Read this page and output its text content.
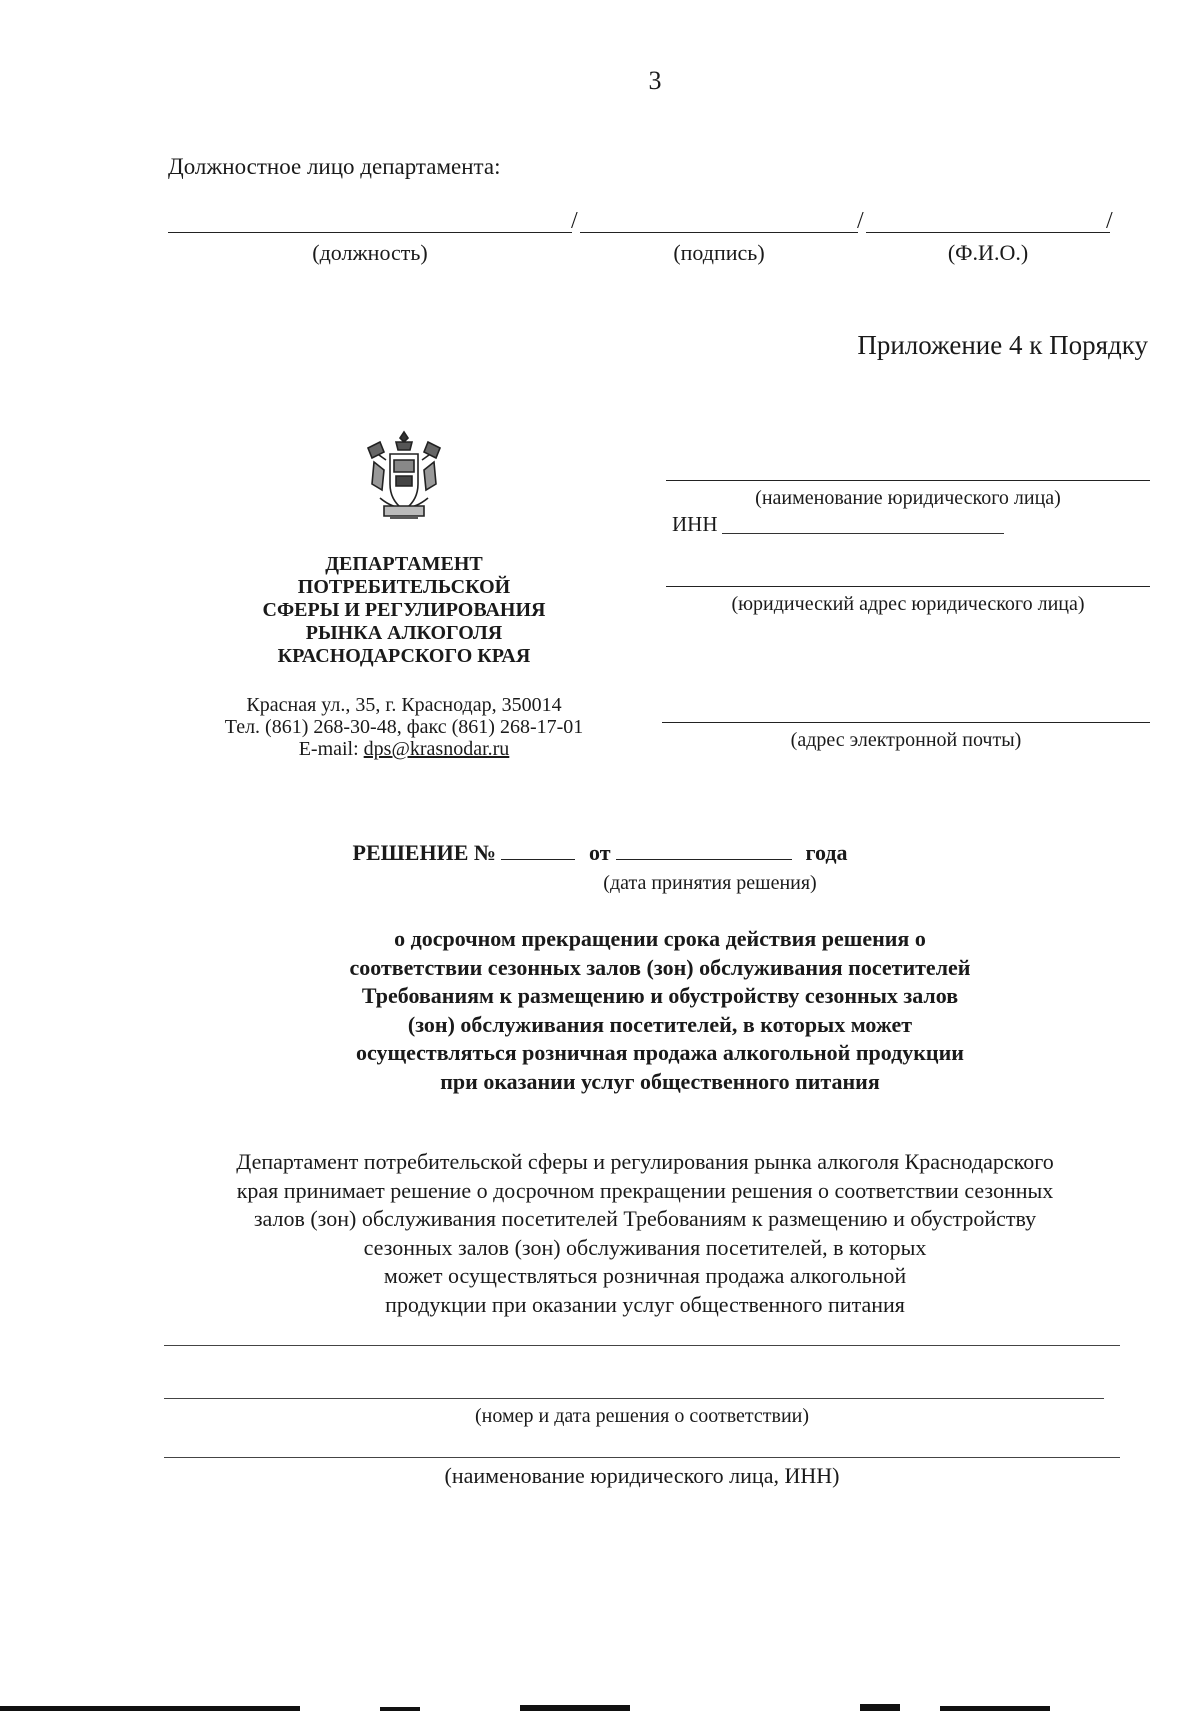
3
Должностное лицо департамента:
/	/	/
(должность)	(подпись)	(Ф.И.О.)
Приложение 4 к Порядку
ДЕПАРТАМЕНТ
ПОТРЕБИТЕЛЬСКОЙ
СФЕРЫ И РЕГУЛИРОВАНИЯ
РЫНКА АЛКОГОЛЯ
КРАСНОДАРСКОГО КРАЯ
Красная ул., 35, г. Краснодар, 350014
Тел. (861) 268-30-48, факс (861) 268-17-01
E-mail: dps@krasnodar.ru
(наименование юридического лица)
ИНН
(юридический адрес юридического лица)
(адрес электронной почты)
РЕШЕНИЕ №	от	года
(дата принятия решения)
о досрочном прекращении срока действия решения о
соответствии сезонных залов (зон) обслуживания посетителей
Требованиям к размещению и обустройству сезонных залов
(зон) обслуживания посетителей, в которых может
осуществляться розничная продажа алкогольной продукции
при оказании услуг общественного питания
Департамент потребительской сферы и регулирования рынка алкоголя Краснодарского
края принимает решение о досрочном прекращении решения о соответствии сезонных
залов (зон) обслуживания посетителей Требованиям к размещению и обустройству
сезонных залов (зон) обслуживания посетителей, в которых
может осуществляться розничная продажа алкогольной
продукции при оказании услуг общественного питания
(номер и дата решения о соответствии)
(наименование юридического лица, ИНН)
